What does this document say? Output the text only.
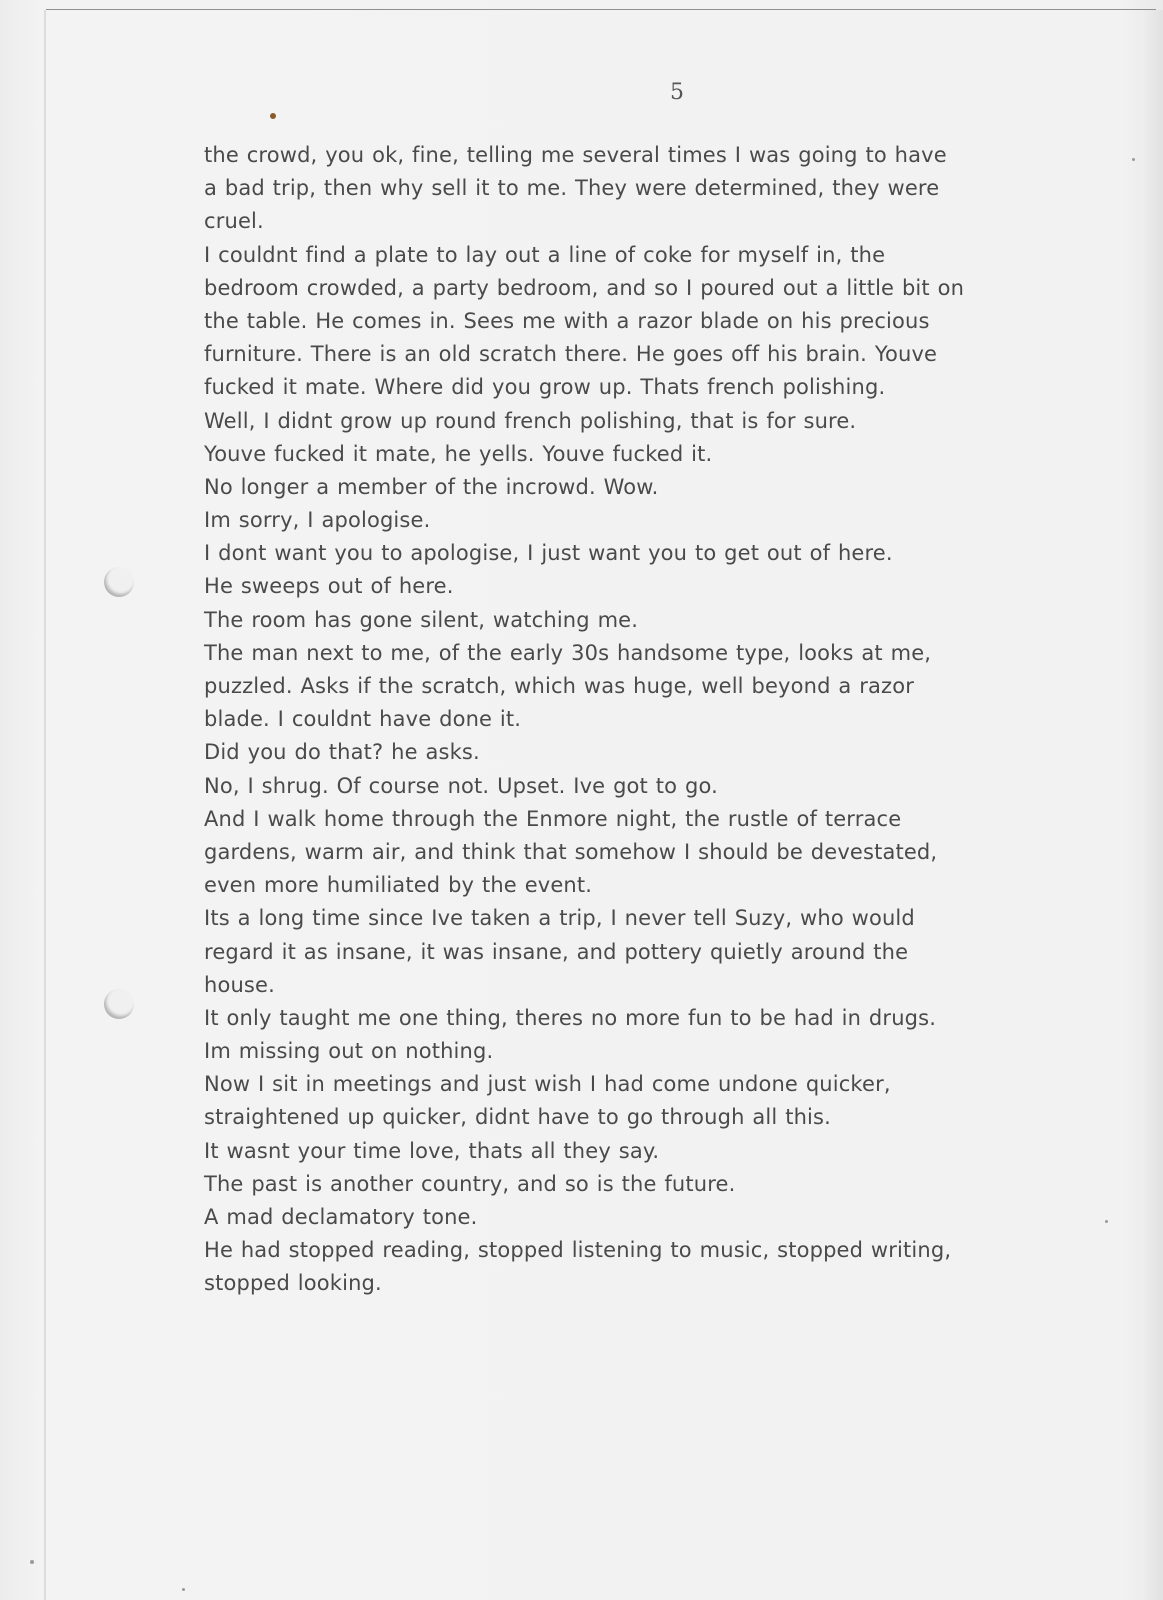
5
the crowd, you ok, fine, telling me several times I was going to have
a bad trip, then why sell it to me. They were determined, they were
cruel.
I couldnt find a plate to lay out a line of coke for myself in, the
bedroom crowded, a party bedroom, and so I poured out a little bit on
the table. He comes in. Sees me with a razor blade on his precious
furniture. There is an old scratch there. He goes off his brain. Youve
fucked it mate. Where did you grow up. Thats french polishing.
Well, I didnt grow up round french polishing, that is for sure.
Youve fucked it mate, he yells. Youve fucked it.
No longer a member of the incrowd. Wow.
Im sorry, I apologise.
I dont want you to apologise, I just want you to get out of here.
He sweeps out of here.
The room has gone silent, watching me.
The man next to me, of the early 30s handsome type, looks at me,
puzzled. Asks if the scratch, which was huge, well beyond a razor
blade. I couldnt have done it.
Did you do that? he asks.
No, I shrug. Of course not. Upset. Ive got to go.
And I walk home through the Enmore night, the rustle of terrace
gardens, warm air, and think that somehow I should be devestated,
even more humiliated by the event.
Its a long time since Ive taken a trip, I never tell Suzy, who would
regard it as insane, it was insane, and pottery quietly around the
house.
It only taught me one thing, theres no more fun to be had in drugs.
Im missing out on nothing.
Now I sit in meetings and just wish I had come undone quicker,
straightened up quicker, didnt have to go through all this.
It wasnt your time love, thats all they say.
The past is another country, and so is the future.
A mad declamatory tone.
He had stopped reading, stopped listening to music, stopped writing,
stopped looking.
